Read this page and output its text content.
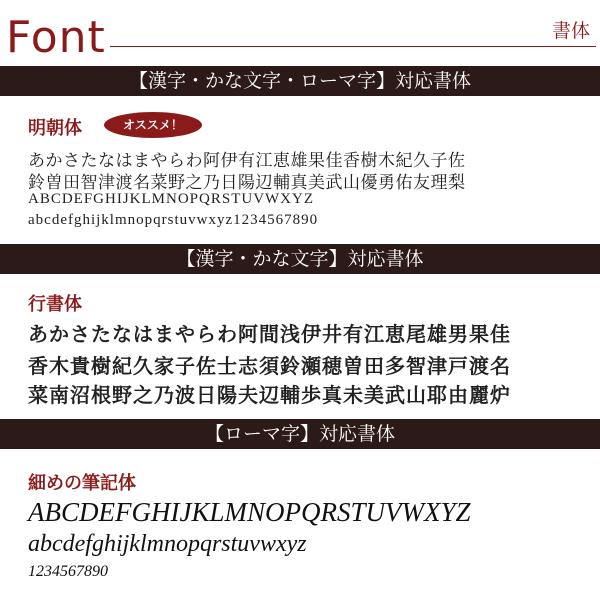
Font	書体
【漢字・かな文字・ローマ字】対応書体
明朝体	オススメ！
あかさたなはまやらわ阿伊有江恵雄果佳香樹木紀久子佐
鈴曽田智津渡名菜野之乃日陽辺輔真美武山優勇佑友理梨
ABCDEFGHIJKLMNOPQRSTUVWXYZ
abcdefghijklmnopqrstuvwxyz1234567890
【漢字・かな文字】対応書体
行書体
あかさたなはまやらわ阿間浅伊井有江恵尾雄男果佳
香木貴樹紀久家子佐士志須鈴瀬穂曽田多智津戸渡名
菜南沼根野之乃波日陽夫辺輔歩真未美武山耶由麗炉
【ローマ字】対応書体
細めの筆記体
ABCDEFGHIJKLMNOPQRSTUVWXYZ
abcdefghijklmnopqrstuvwxyz
1234567890
